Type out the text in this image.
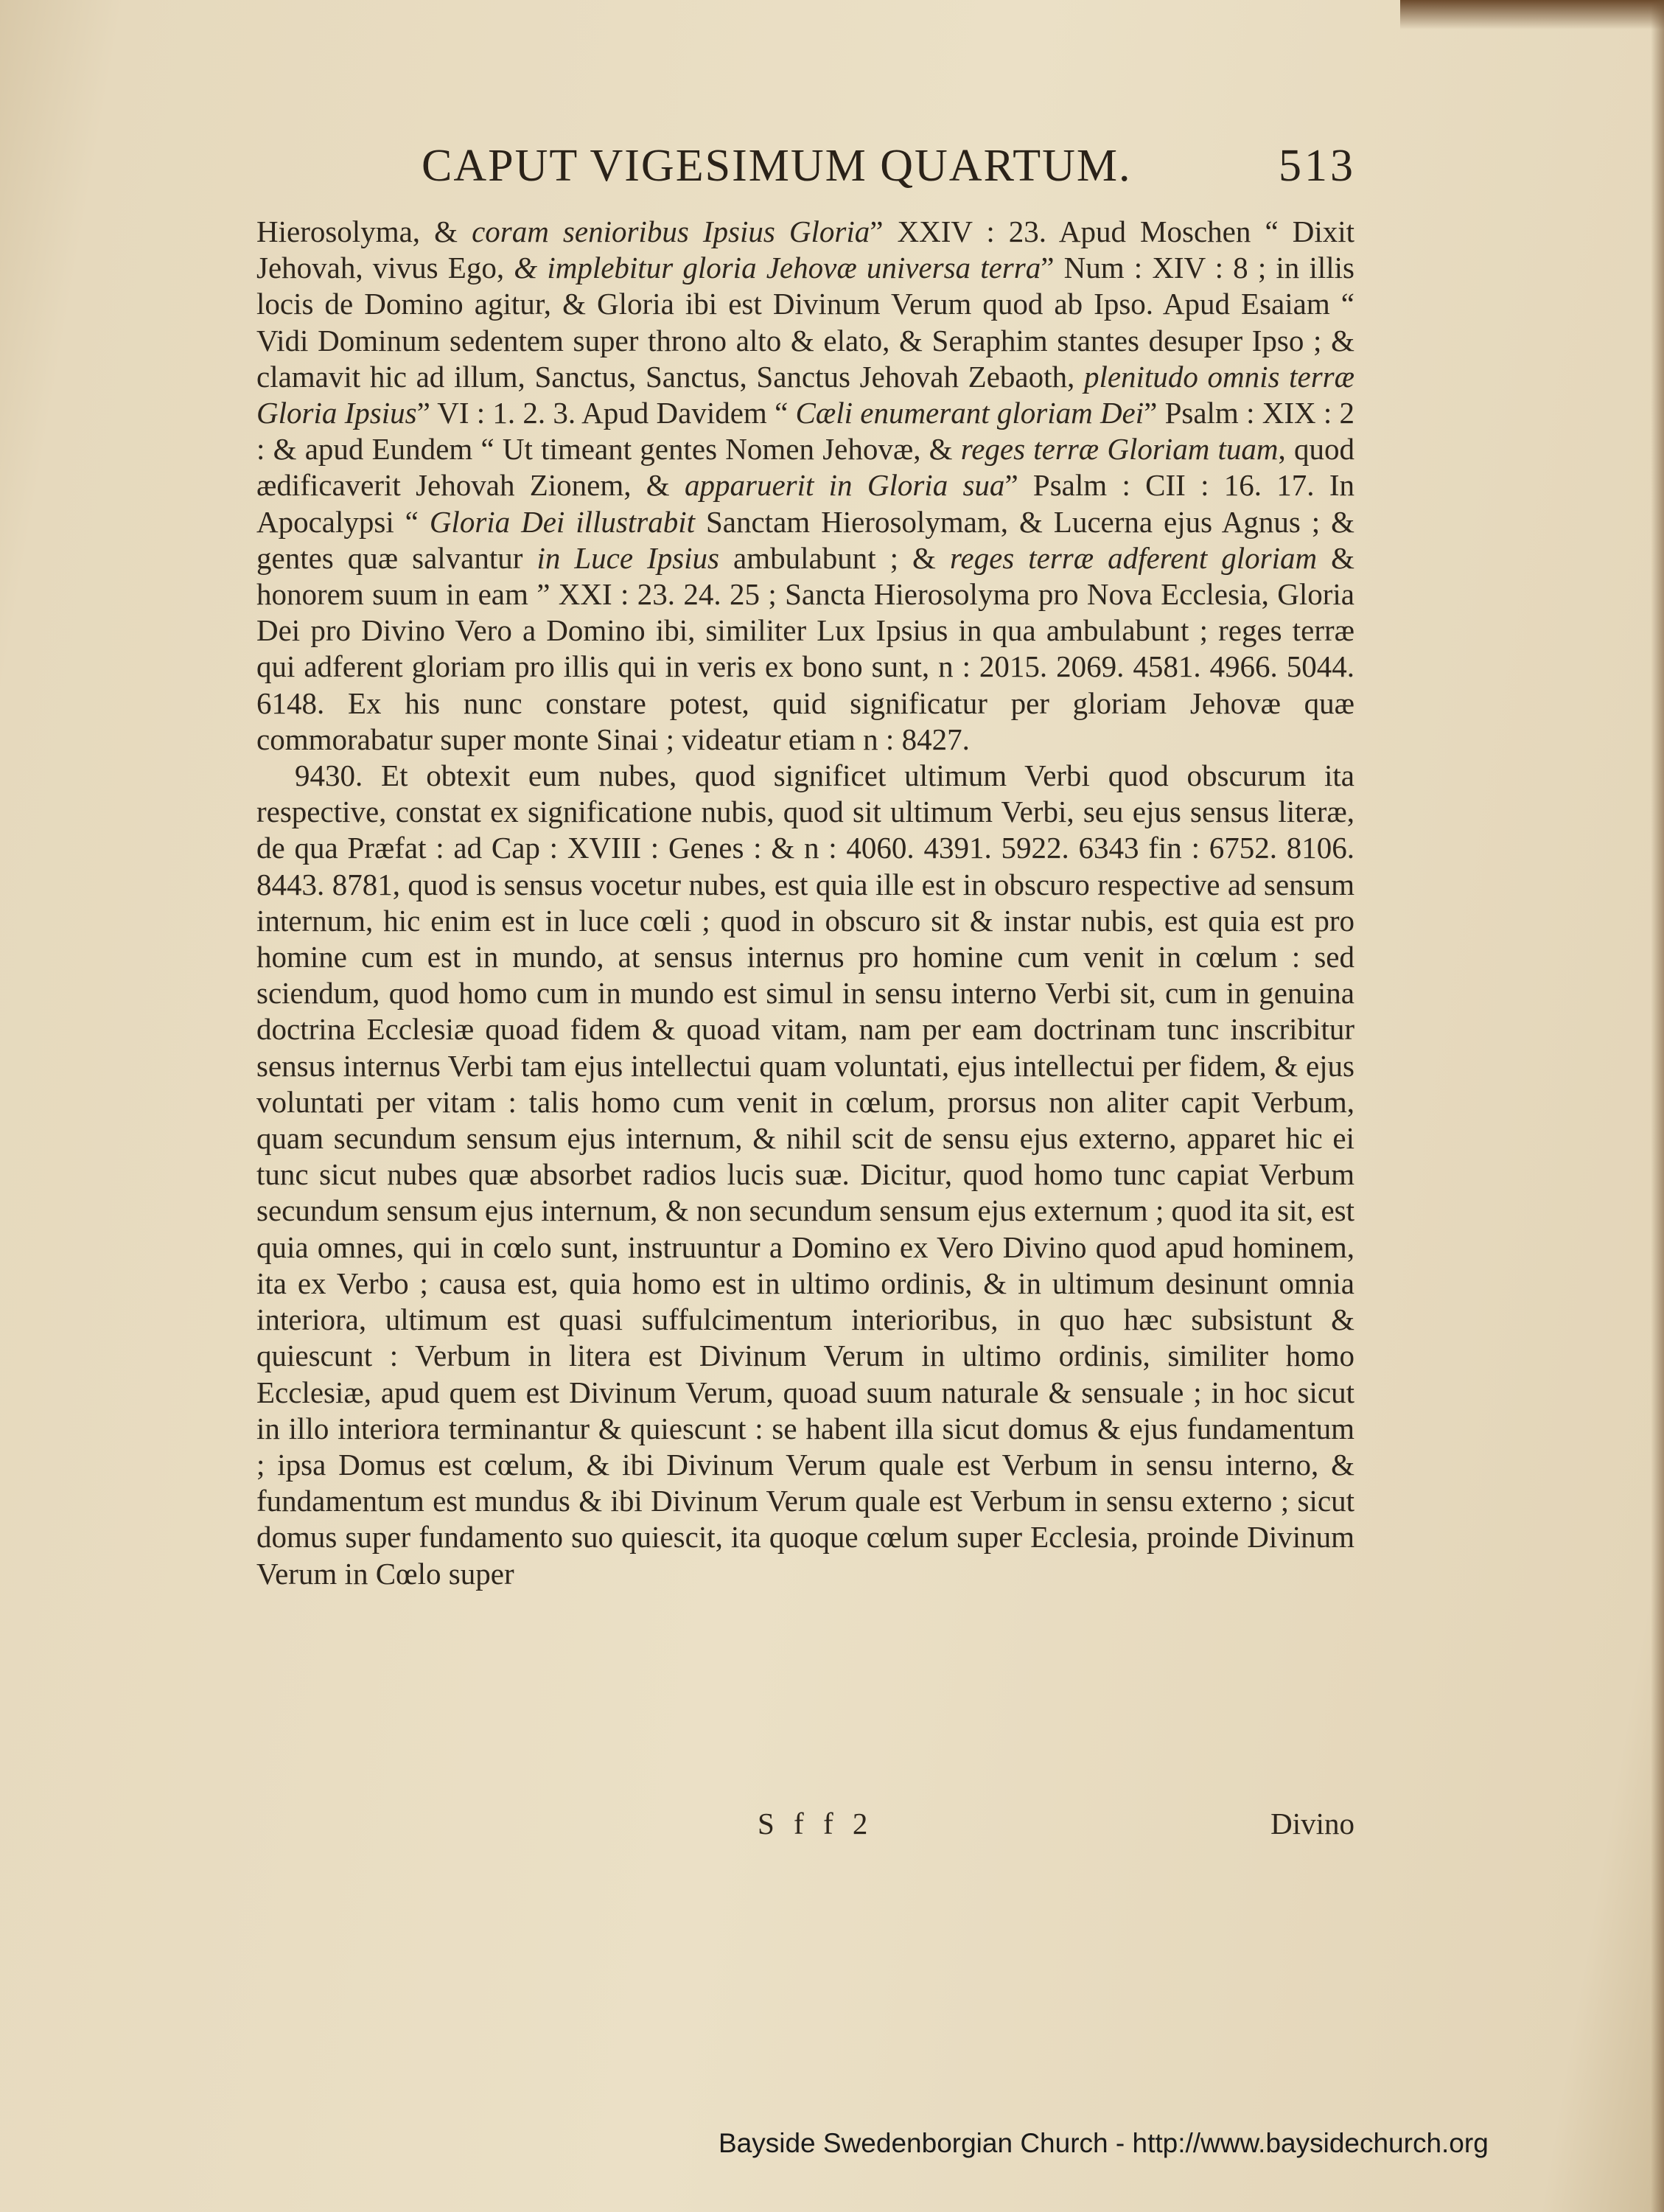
CAPUT VIGESIMUM QUARTUM.	513

Hierosolyma, & coram senioribus Ipsius Gloria” XXIV : 23. Apud Moschen “ Dixit Jehovah, vivus Ego, & implebitur gloria Jehovæ universa terra” Num : XIV : 8 ; in illis locis de Domino agitur, & Gloria ibi est Divinum Verum quod ab Ipso. Apud Esaiam “ Vidi Dominum sedentem super throno alto & elato, & Seraphim stantes desuper Ipso ; & clamavit hic ad illum, Sanctus, Sanctus, Sanctus Jehovah Zebaoth, plenitudo omnis terræ Gloria Ipsius” VI : 1. 2. 3. Apud Davidem “ Cæli enumerant gloriam Dei” Psalm : XIX : 2 : & apud Eundem “ Ut timeant gentes Nomen Jehovæ, & reges terræ Gloriam tuam, quod ædificaverit Jehovah Zionem, & apparuerit in Gloria sua” Psalm : CII : 16. 17. In Apocalypsi “ Gloria Dei illustrabit Sanctam Hierosolymam, & Lucerna ejus Agnus ; & gentes quæ salvantur in Luce Ipsius ambulabunt ; & reges terræ adferent gloriam & honorem suum in eam ” XXI : 23. 24. 25 ; Sancta Hierosolyma pro Nova Ecclesia, Gloria Dei pro Divino Vero a Domino ibi, similiter Lux Ipsius in qua ambulabunt ; reges terræ qui adferent gloriam pro illis qui in veris ex bono sunt, n : 2015. 2069. 4581. 4966. 5044. 6148. Ex his nunc constare potest, quid significatur per gloriam Jehovæ quæ commorabatur super monte Sinai ; videatur etiam n : 8427.

9430. Et obtexit eum nubes, quod significet ultimum Verbi quod obscurum ita respective, constat ex significatione nubis, quod sit ultimum Verbi, seu ejus sensus literæ, de qua Præfat : ad Cap : XVIII : Genes : & n : 4060. 4391. 5922. 6343 fin : 6752. 8106. 8443. 8781, quod is sensus vocetur nubes, est quia ille est in obscuro respective ad sensum internum, hic enim est in luce cœli ; quod in obscuro sit & instar nubis, est quia est pro homine cum est in mundo, at sensus internus pro homine cum venit in cœlum : sed sciendum, quod homo cum in mundo est simul in sensu interno Verbi sit, cum in genuina doctrina Ecclesiæ quoad fidem & quoad vitam, nam per eam doctrinam tunc inscribitur sensus internus Verbi tam ejus intellectui quam voluntati, ejus intellectui per fidem, & ejus voluntati per vitam : talis homo cum venit in cœlum, prorsus non aliter capit Verbum, quam secundum sensum ejus internum, & nihil scit de sensu ejus externo, apparet hic ei tunc sicut nubes quæ absorbet radios lucis suæ. Dicitur, quod homo tunc capiat Verbum secundum sensum ejus internum, & non secundum sensum ejus externum ; quod ita sit, est quia omnes, qui in cœlo sunt, instruuntur a Domino ex Vero Divino quod apud hominem, ita ex Verbo ; causa est, quia homo est in ultimo ordinis, & in ultimum desinunt omnia interiora, ultimum est quasi suffulcimentum interioribus, in quo hæc subsistunt & quiescunt : Verbum in litera est Divinum Verum in ultimo ordinis, similiter homo Ecclesiæ, apud quem est Divinum Verum, quoad suum naturale & sensuale ; in hoc sicut in illo interiora terminantur & quiescunt : se habent illa sicut domus & ejus fundamentum ; ipsa Domus est cœlum, & ibi Divinum Verum quale est Verbum in sensu interno, & fundamentum est mundus & ibi Divinum Verum quale est Verbum in sensu externo ; sicut domus super fundamento suo quiescit, ita quoque cœlum super Ecclesia, proinde Divinum Verum in Cœlo super

S f f 2	Divino
Bayside Swedenborgian Church - http://www.baysidechurch.org
